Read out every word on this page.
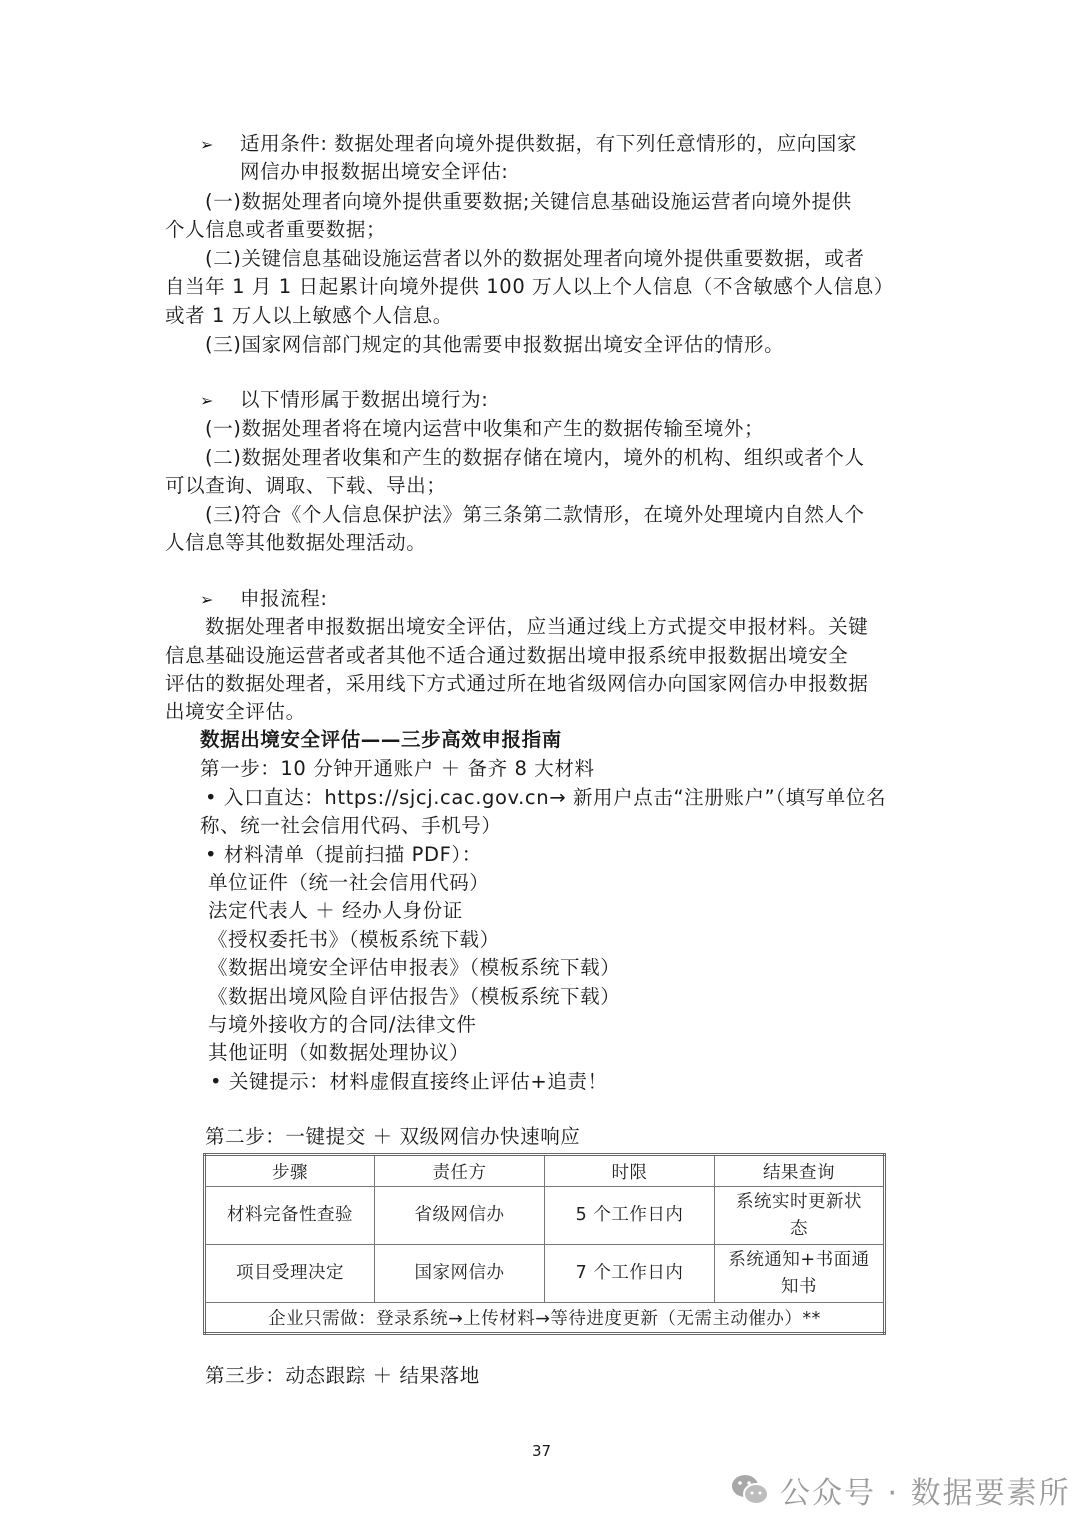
➢ 适用条件: 数据处理者向境外提供数据，有下列任意情形的，应向国家
网信办申报数据出境安全评估:
(一)数据处理者向境外提供重要数据;关键信息基础设施运营者向境外提供
个人信息或者重要数据；
(二)关键信息基础设施运营者以外的数据处理者向境外提供重要数据，或者
自当年 1 月 1 日起累计向境外提供 100 万人以上个人信息（不含敏感个人信息）
或者 1 万人以上敏感个人信息。
(三)国家网信部门规定的其他需要申报数据出境安全评估的情形。
➢ 以下情形属于数据出境行为:
(一)数据处理者将在境内运营中收集和产生的数据传输至境外；
(二)数据处理者收集和产生的数据存储在境内，境外的机构、组织或者个人
可以查询、调取、下载、导出；
(三)符合《个人信息保护法》第三条第二款情形，在境外处理境内自然人个
人信息等其他数据处理活动。
➢ 申报流程:
数据处理者申报数据出境安全评估，应当通过线上方式提交申报材料。关键
信息基础设施运营者或者其他不适合通过数据出境申报系统申报数据出境安全
评估的数据处理者，采用线下方式通过所在地省级网信办向国家网信办申报数据
出境安全评估。
数据出境安全评估——三步高效申报指南
第一步：10 分钟开通账户 ＋ 备齐 8 大材料
• 入口直达：https://sjcj.cac.gov.cn→ 新用户点击“注册账户”（填写单位名
称、统一社会信用代码、手机号）
• 材料清单（提前扫描 PDF）：
单位证件（统一社会信用代码）
法定代表人 ＋ 经办人身份证
《授权委托书》（模板系统下载）
《数据出境安全评估申报表》（模板系统下载）
《数据出境风险自评估报告》（模板系统下载）
与境外接收方的合同/法律文件
其他证明（如数据处理协议）
• 关键提示：材料虚假直接终止评估+追责！
第二步：一键提交 ＋ 双级网信办快速响应
步骤	责任方	时限	结果查询
材料完备性查验	省级网信办	5 个工作日内	系统实时更新状态
项目受理决定	国家网信办	7 个工作日内	系统通知+书面通知书
企业只需做：登录系统→上传材料→等待进度更新（无需主动催办）**			
第三步：动态跟踪 ＋ 结果落地
37
公众号 · 数据要素所
